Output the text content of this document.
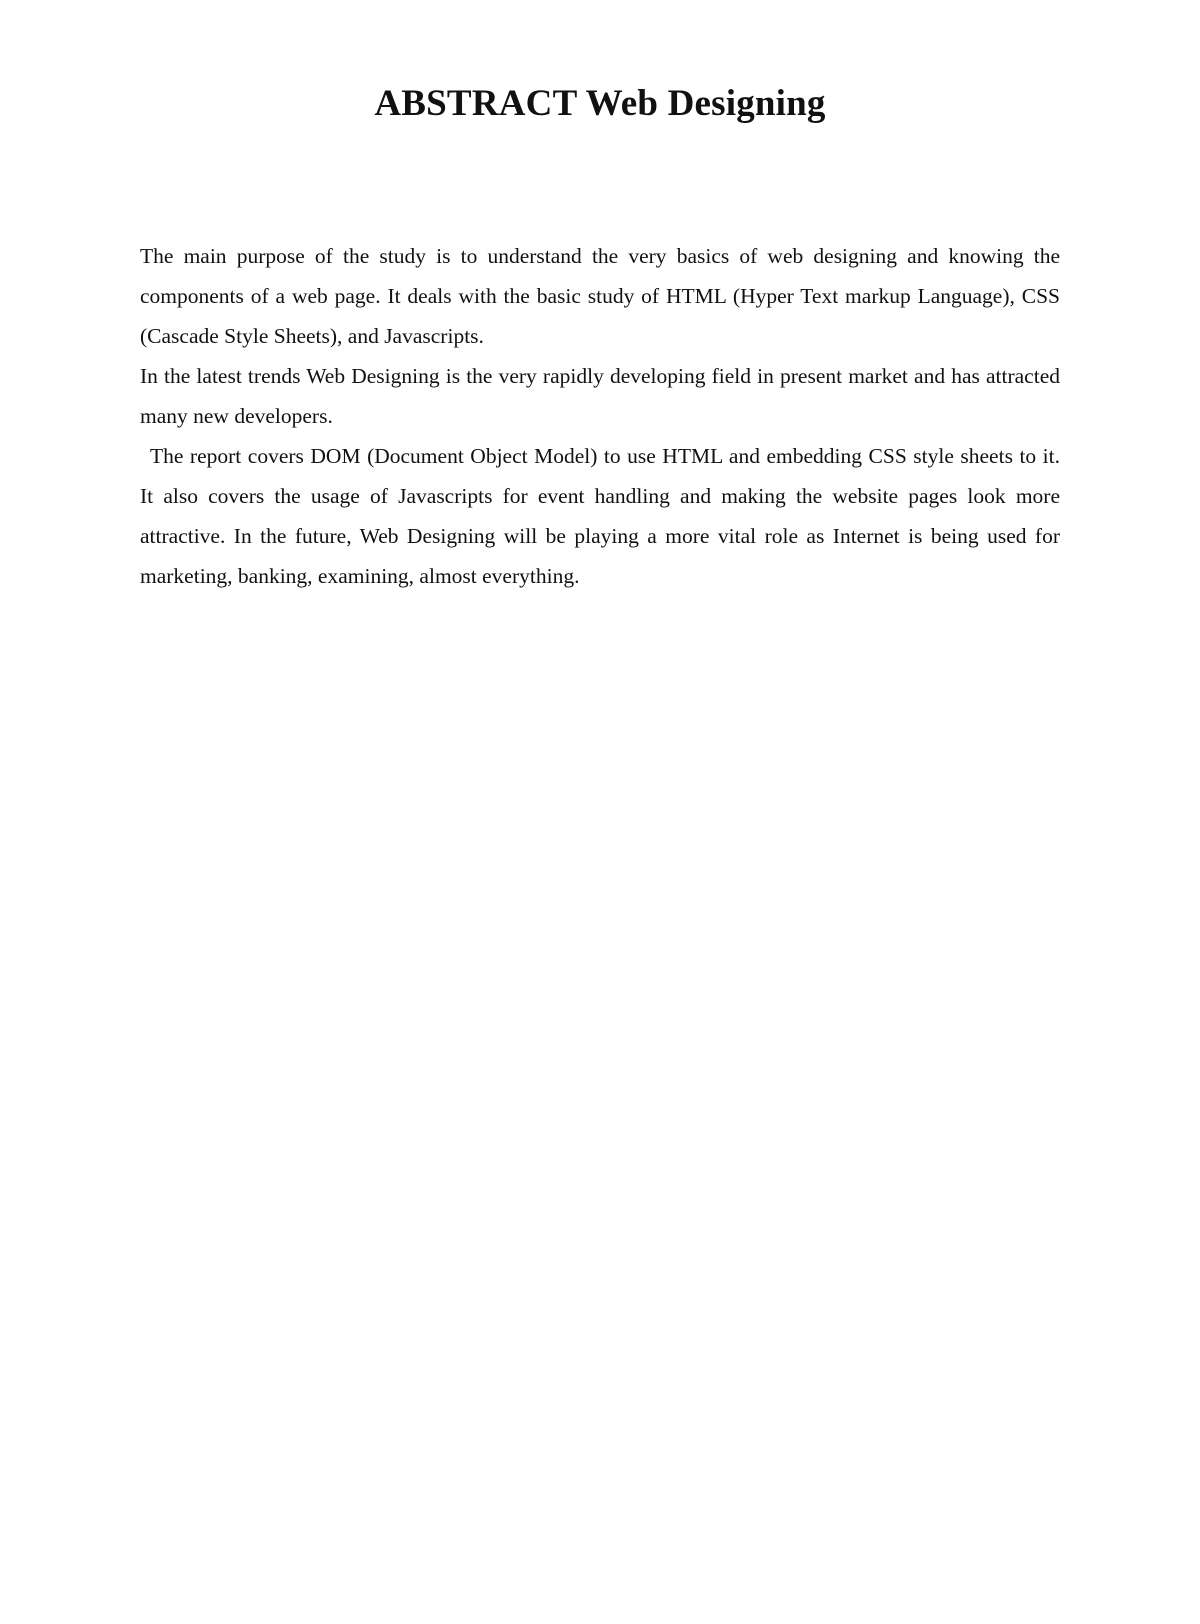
ABSTRACT Web Designing

The main purpose of the study is to understand the very basics of web designing and knowing the components of a web page. It deals with the basic study of HTML (Hyper Text markup Language), CSS (Cascade Style Sheets), and Javascripts.

In the latest trends Web Designing is the very rapidly developing field in present market and has attracted many new developers.

The report covers DOM (Document Object Model) to use HTML and embedding CSS style sheets to it. It also covers the usage of Javascripts for event handling and making the website pages look more attractive. In the future, Web Designing will be playing a more vital role as Internet is being used for marketing, banking, examining, almost everything.
